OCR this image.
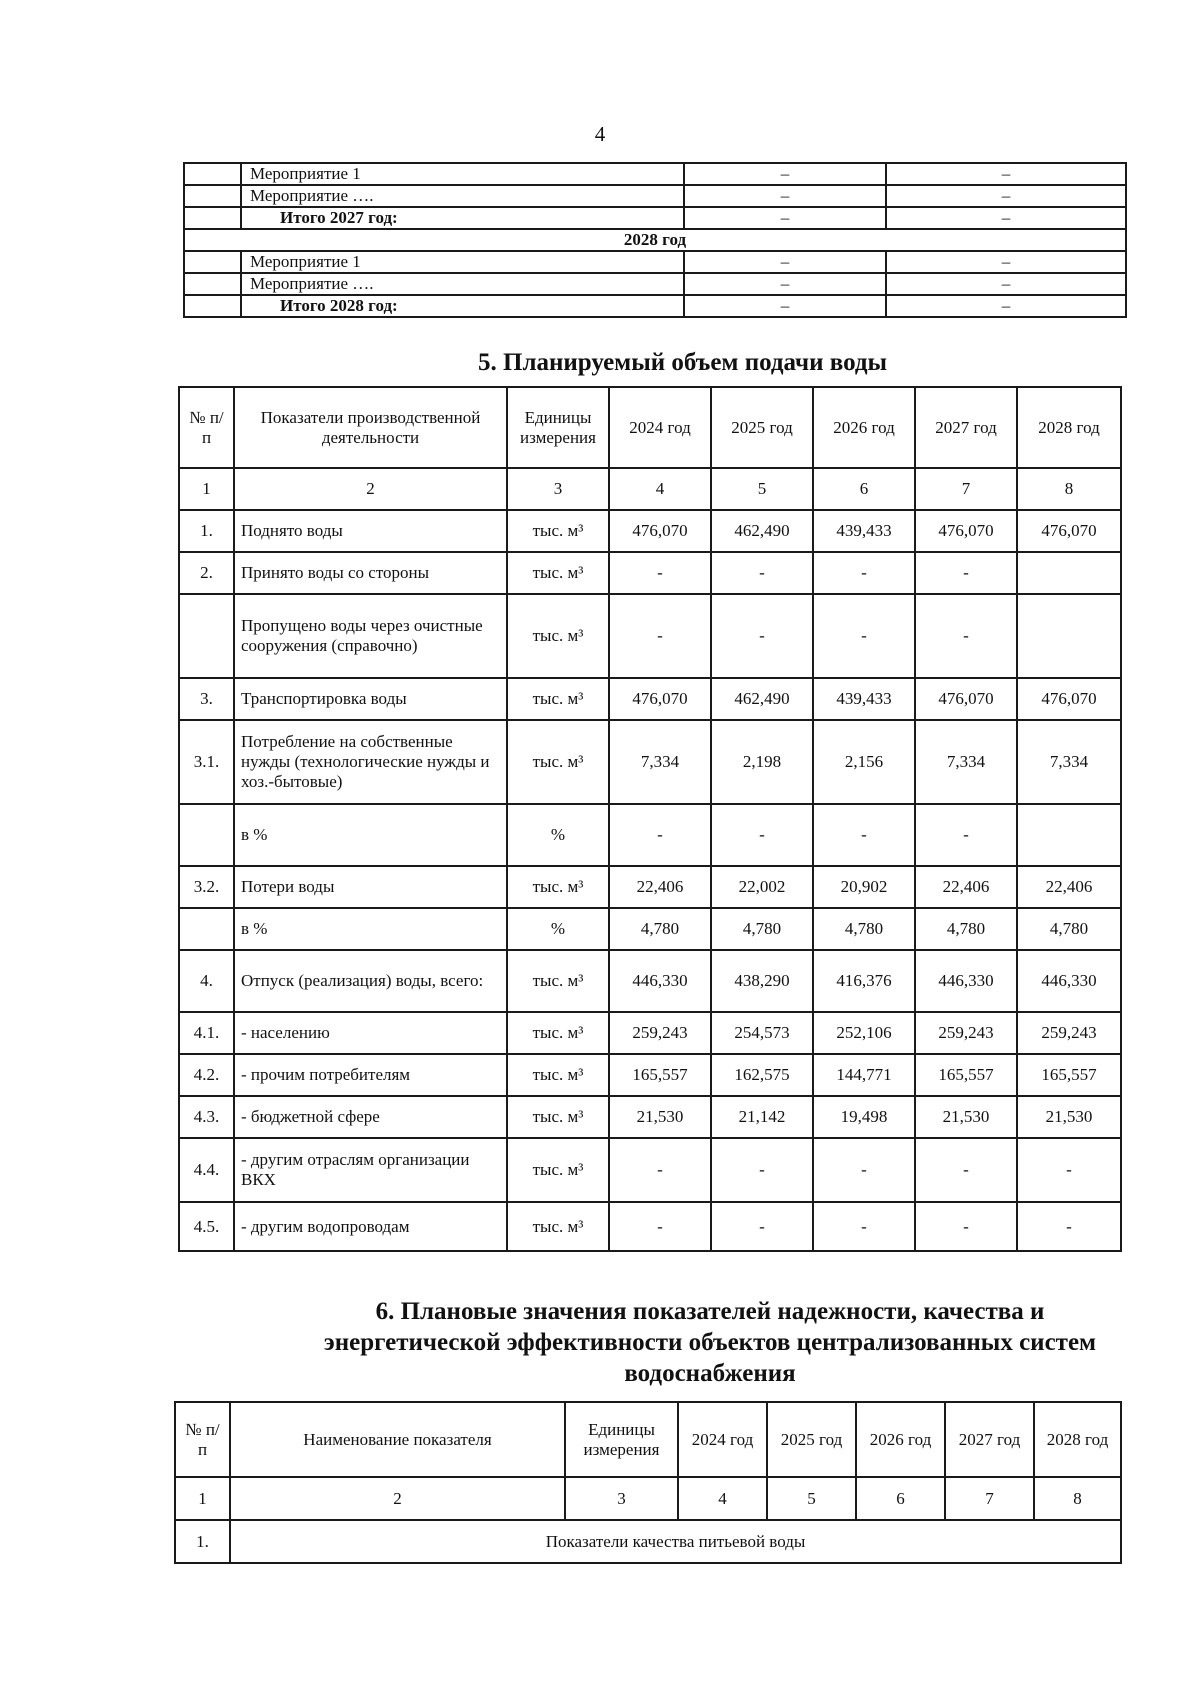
4
	Мероприятие 1	–	–
	Мероприятие ….	–	–
	Итого 2027 год:	–	–
2028 год			
	Мероприятие 1	–	–
	Мероприятие ….	–	–
	Итого 2028 год:	–	–
5. Планируемый объем подачи воды
№ п/п	Показатели производственной деятельности	Единицы измерения	2024 год	2025 год	2026 год	2027 год	2028 год
1	2	3	4	5	6	7	8
1.	Поднято воды	тыс. м³	476,070	462,490	439,433	476,070	476,070
2.	Принято воды со стороны	тыс. м³	-	-	-	-	
	Пропущено воды через очистные сооружения (справочно)	тыс. м³	-	-	-	-	
3.	Транспортировка воды	тыс. м³	476,070	462,490	439,433	476,070	476,070
3.1.	Потребление на собственные нужды (технологические нужды и хоз.-бытовые)	тыс. м³	7,334	2,198	2,156	7,334	7,334
	в %	%	-	-	-	-	
3.2.	Потери воды	тыс. м³	22,406	22,002	20,902	22,406	22,406
	в %	%	4,780	4,780	4,780	4,780	4,780
4.	Отпуск (реализация) воды, всего:	тыс. м³	446,330	438,290	416,376	446,330	446,330
4.1.	- населению	тыс. м³	259,243	254,573	252,106	259,243	259,243
4.2.	- прочим потребителям	тыс. м³	165,557	162,575	144,771	165,557	165,557
4.3.	- бюджетной сфере	тыс. м³	21,530	21,142	19,498	21,530	21,530
4.4.	- другим отраслям организации ВКХ	тыс. м³	-	-	-	-	-
4.5.	- другим водопроводам	тыс. м³	-	-	-	-	-
6. Плановые значения показателей надежности, качества и энергетической эффективности объектов централизованных систем водоснабжения
№ п/п	Наименование показателя	Единицы измерения	2024 год	2025 год	2026 год	2027 год	2028 год
1	2	3	4	5	6	7	8
1.	Показатели качества питьевой воды						
